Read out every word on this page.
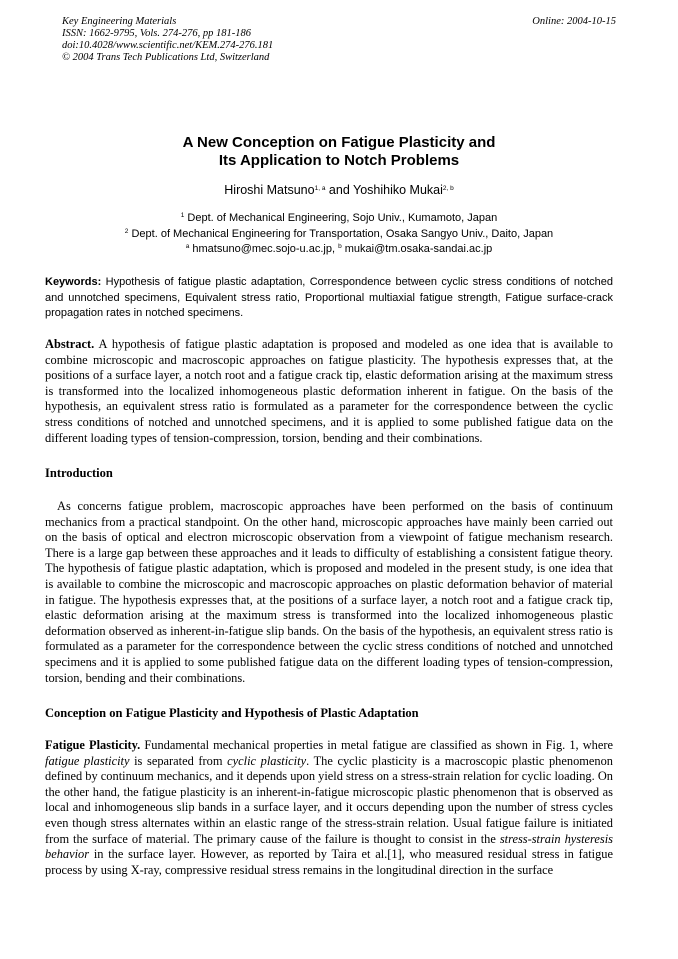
Key Engineering Materials
ISSN: 1662-9795, Vols. 274-276, pp 181-186
doi:10.4028/www.scientific.net/KEM.274-276.181
© 2004 Trans Tech Publications Ltd, Switzerland
Online: 2004-10-15
A New Conception on Fatigue Plasticity and
Its Application to Notch Problems
Hiroshi Matsuno$^{1, a}$ and Yoshihiko Mukai$^{2, b}$
$^1$ Dept. of Mechanical Engineering, Sojo Univ., Kumamoto, Japan
$^2$ Dept. of Mechanical Engineering for Transportation, Osaka Sangyo Univ., Daito, Japan
$^a$ hmatsuno@mec.sojo-u.ac.jp, $^b$ mukai@tm.osaka-sandai.ac.jp
Keywords: Hypothesis of fatigue plastic adaptation, Correspondence between cyclic stress conditions of notched and unnotched specimens, Equivalent stress ratio, Proportional multiaxial fatigue strength, Fatigue surface-crack propagation rates in notched specimens.
Abstract. A hypothesis of fatigue plastic adaptation is proposed and modeled as one idea that is available to combine microscopic and macroscopic approaches on fatigue plasticity. The hypothesis expresses that, at the positions of a surface layer, a notch root and a fatigue crack tip, elastic deformation arising at the maximum stress is transformed into the localized inhomogeneous plastic deformation inherent in fatigue. On the basis of the hypothesis, an equivalent stress ratio is formulated as a parameter for the correspondence between the cyclic stress conditions of notched and unnotched specimens, and it is applied to some published fatigue data on the different loading types of tension-compression, torsion, bending and their combinations.
Introduction
As concerns fatigue problem, macroscopic approaches have been performed on the basis of continuum mechanics from a practical standpoint. On the other hand, microscopic approaches have mainly been carried out on the basis of optical and electron microscopic observation from a viewpoint of fatigue mechanism research. There is a large gap between these approaches and it leads to difficulty of establishing a consistent fatigue theory. The hypothesis of fatigue plastic adaptation, which is proposed and modeled in the present study, is one idea that is available to combine the microscopic and macroscopic approaches on plastic deformation behavior of material in fatigue. The hypothesis expresses that, at the positions of a surface layer, a notch root and a fatigue crack tip, elastic deformation arising at the maximum stress is transformed into the localized inhomogeneous plastic deformation observed as inherent-in-fatigue slip bands. On the basis of the hypothesis, an equivalent stress ratio is formulated as a parameter for the correspondence between the cyclic stress conditions of notched and unnotched specimens and it is applied to some published fatigue data on the different loading types of tension-compression, torsion, bending and their combinations.
Conception on Fatigue Plasticity and Hypothesis of Plastic Adaptation
Fatigue Plasticity. Fundamental mechanical properties in metal fatigue are classified as shown in Fig. 1, where fatigue plasticity is separated from cyclic plasticity. The cyclic plasticity is a macroscopic plastic phenomenon defined by continuum mechanics, and it depends upon yield stress on a stress-strain relation for cyclic loading. On the other hand, the fatigue plasticity is an inherent-in-fatigue microscopic plastic phenomenon that is observed as local and inhomogeneous slip bands in a surface layer, and it occurs depending upon the number of stress cycles even though stress alternates within an elastic range of the stress-strain relation. Usual fatigue failure is initiated from the surface of material. The primary cause of the failure is thought to consist in the stress-strain hysteresis behavior in the surface layer. However, as reported by Taira et al.[1], who measured residual stress in fatigue process by using X-ray, compressive residual stress remains in the longitudinal direction in the surface
